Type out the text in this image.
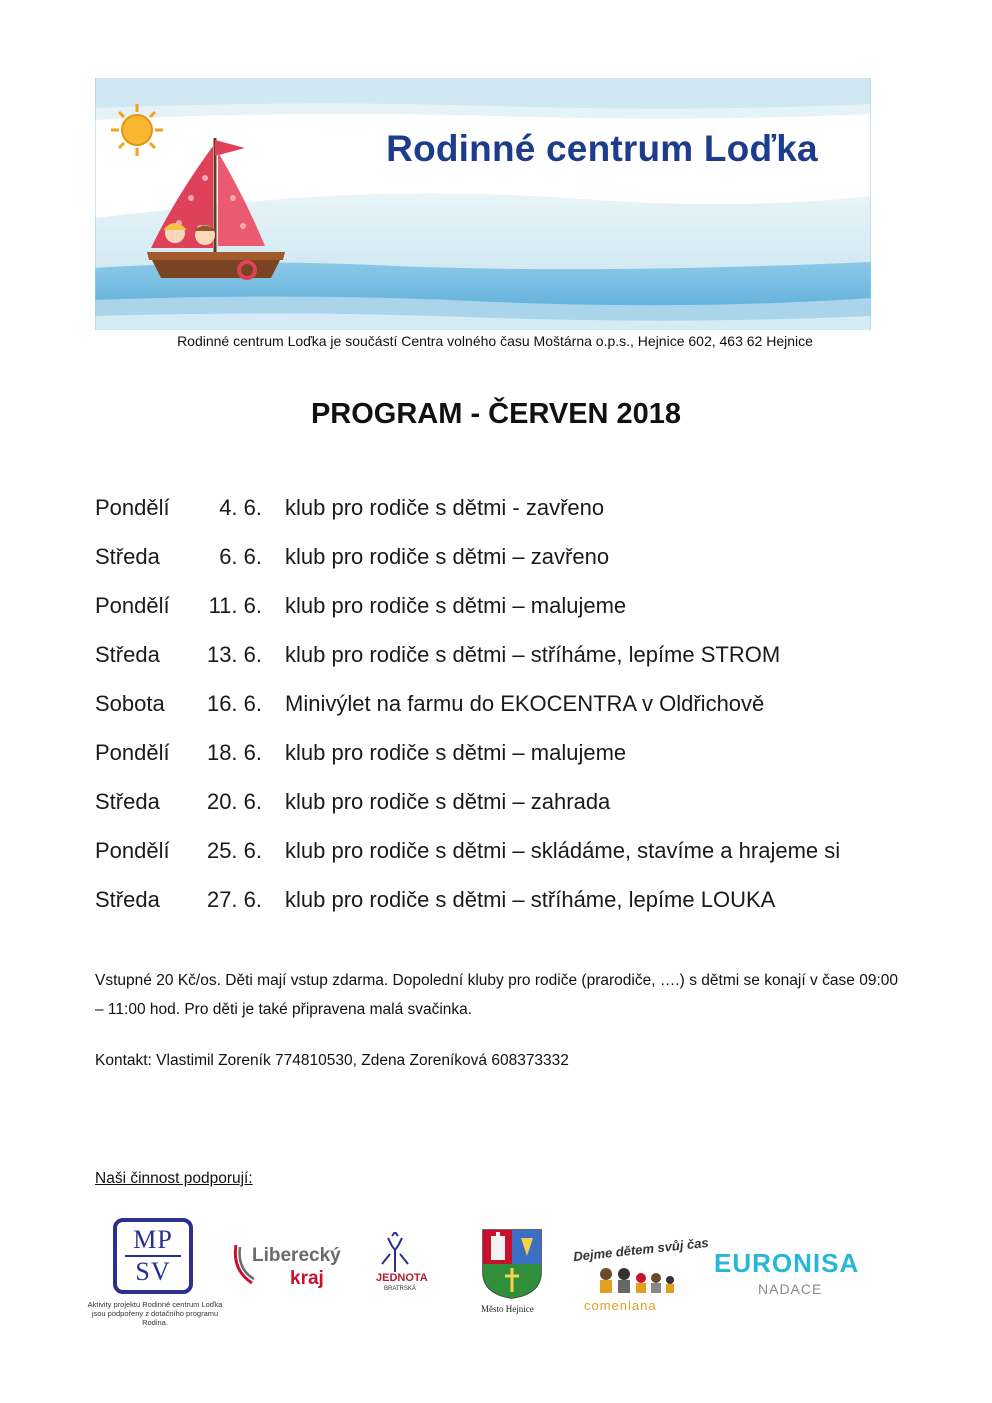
Rodinné centrum Loďka
Rodinné centrum Loďka je součástí Centra volného času Moštárna o.p.s., Hejnice 602, 463 62 Hejnice
PROGRAM - ČERVEN 2018
Pondělí	4. 6. klub pro rodiče s dětmi - zavřeno
Středa	6. 6. klub pro rodiče s dětmi – zavřeno
Pondělí	11. 6. klub pro rodiče s dětmi – malujeme
Středa	13. 6. klub pro rodiče s dětmi – stříháme, lepíme STROM
Sobota	16. 6. Minivýlet na farmu do EKOCENTRA v Oldřichově
Pondělí	18. 6. klub pro rodiče s dětmi – malujeme
Středa	20. 6. klub pro rodiče s dětmi – zahrada
Pondělí	25. 6. klub pro rodiče s dětmi – skládáme, stavíme a hrajeme si
Středa	27. 6. klub pro rodiče s dětmi – stříháme, lepíme LOUKA
Vstupné 20 Kč/os. Děti mají vstup zdarma. Dopolední kluby pro rodiče (prarodiče, ….) s dětmi se konají v čase 09:00 – 11:00 hod. Pro děti je také připravena malá svačinka.
Kontakt: Vlastimil Zoreník 774810530, Zdena Zoreníková 608373332
Naši činnost podporují:
MP
SV
Aktivity projektu Rodinné centrum Loďka jsou podpořeny z dotačního programu Rodina.
Liberecký
kraj	JEDNOTA
BRATRSKÁ
Město Hejnice
Dejme dětem svůj čas
comenlana
EURONISA
NADACE
